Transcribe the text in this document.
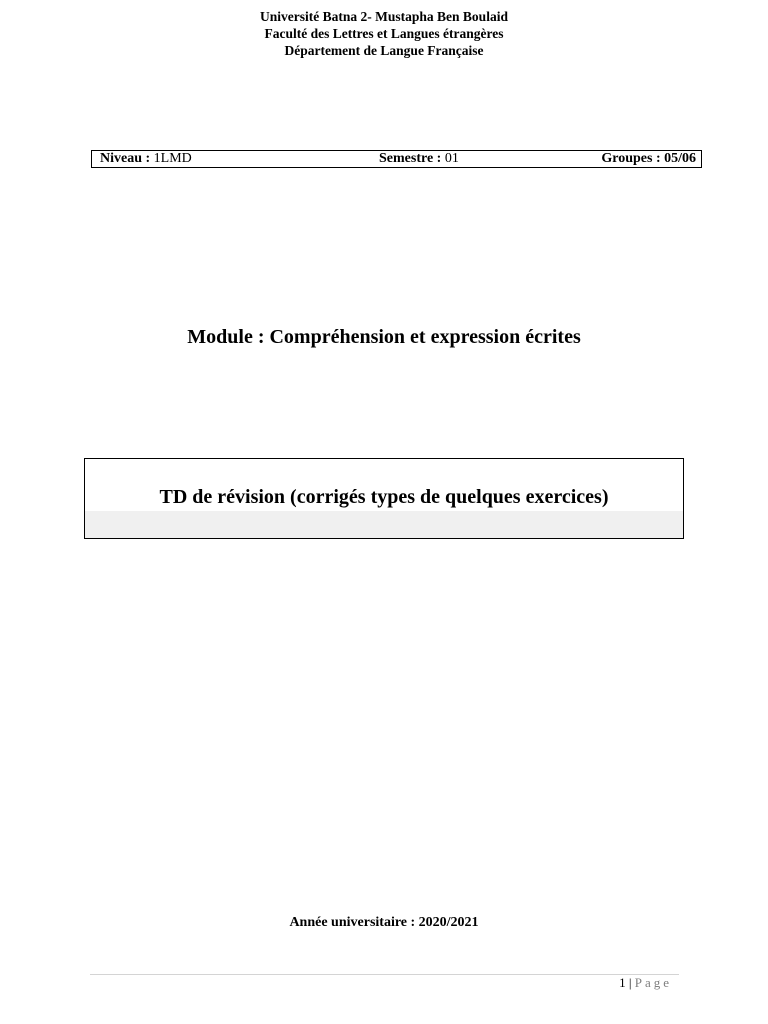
Université Batna 2- Mustapha Ben Boulaid
Faculté des Lettres et Langues étrangères
Département de Langue Française
Niveau : 1LMD	Semestre : 01	Groupes : 05/06
Module : Compréhension et expression écrites
TD de révision (corrigés types de quelques exercices)
Année universitaire : 2020/2021
1 | Page
